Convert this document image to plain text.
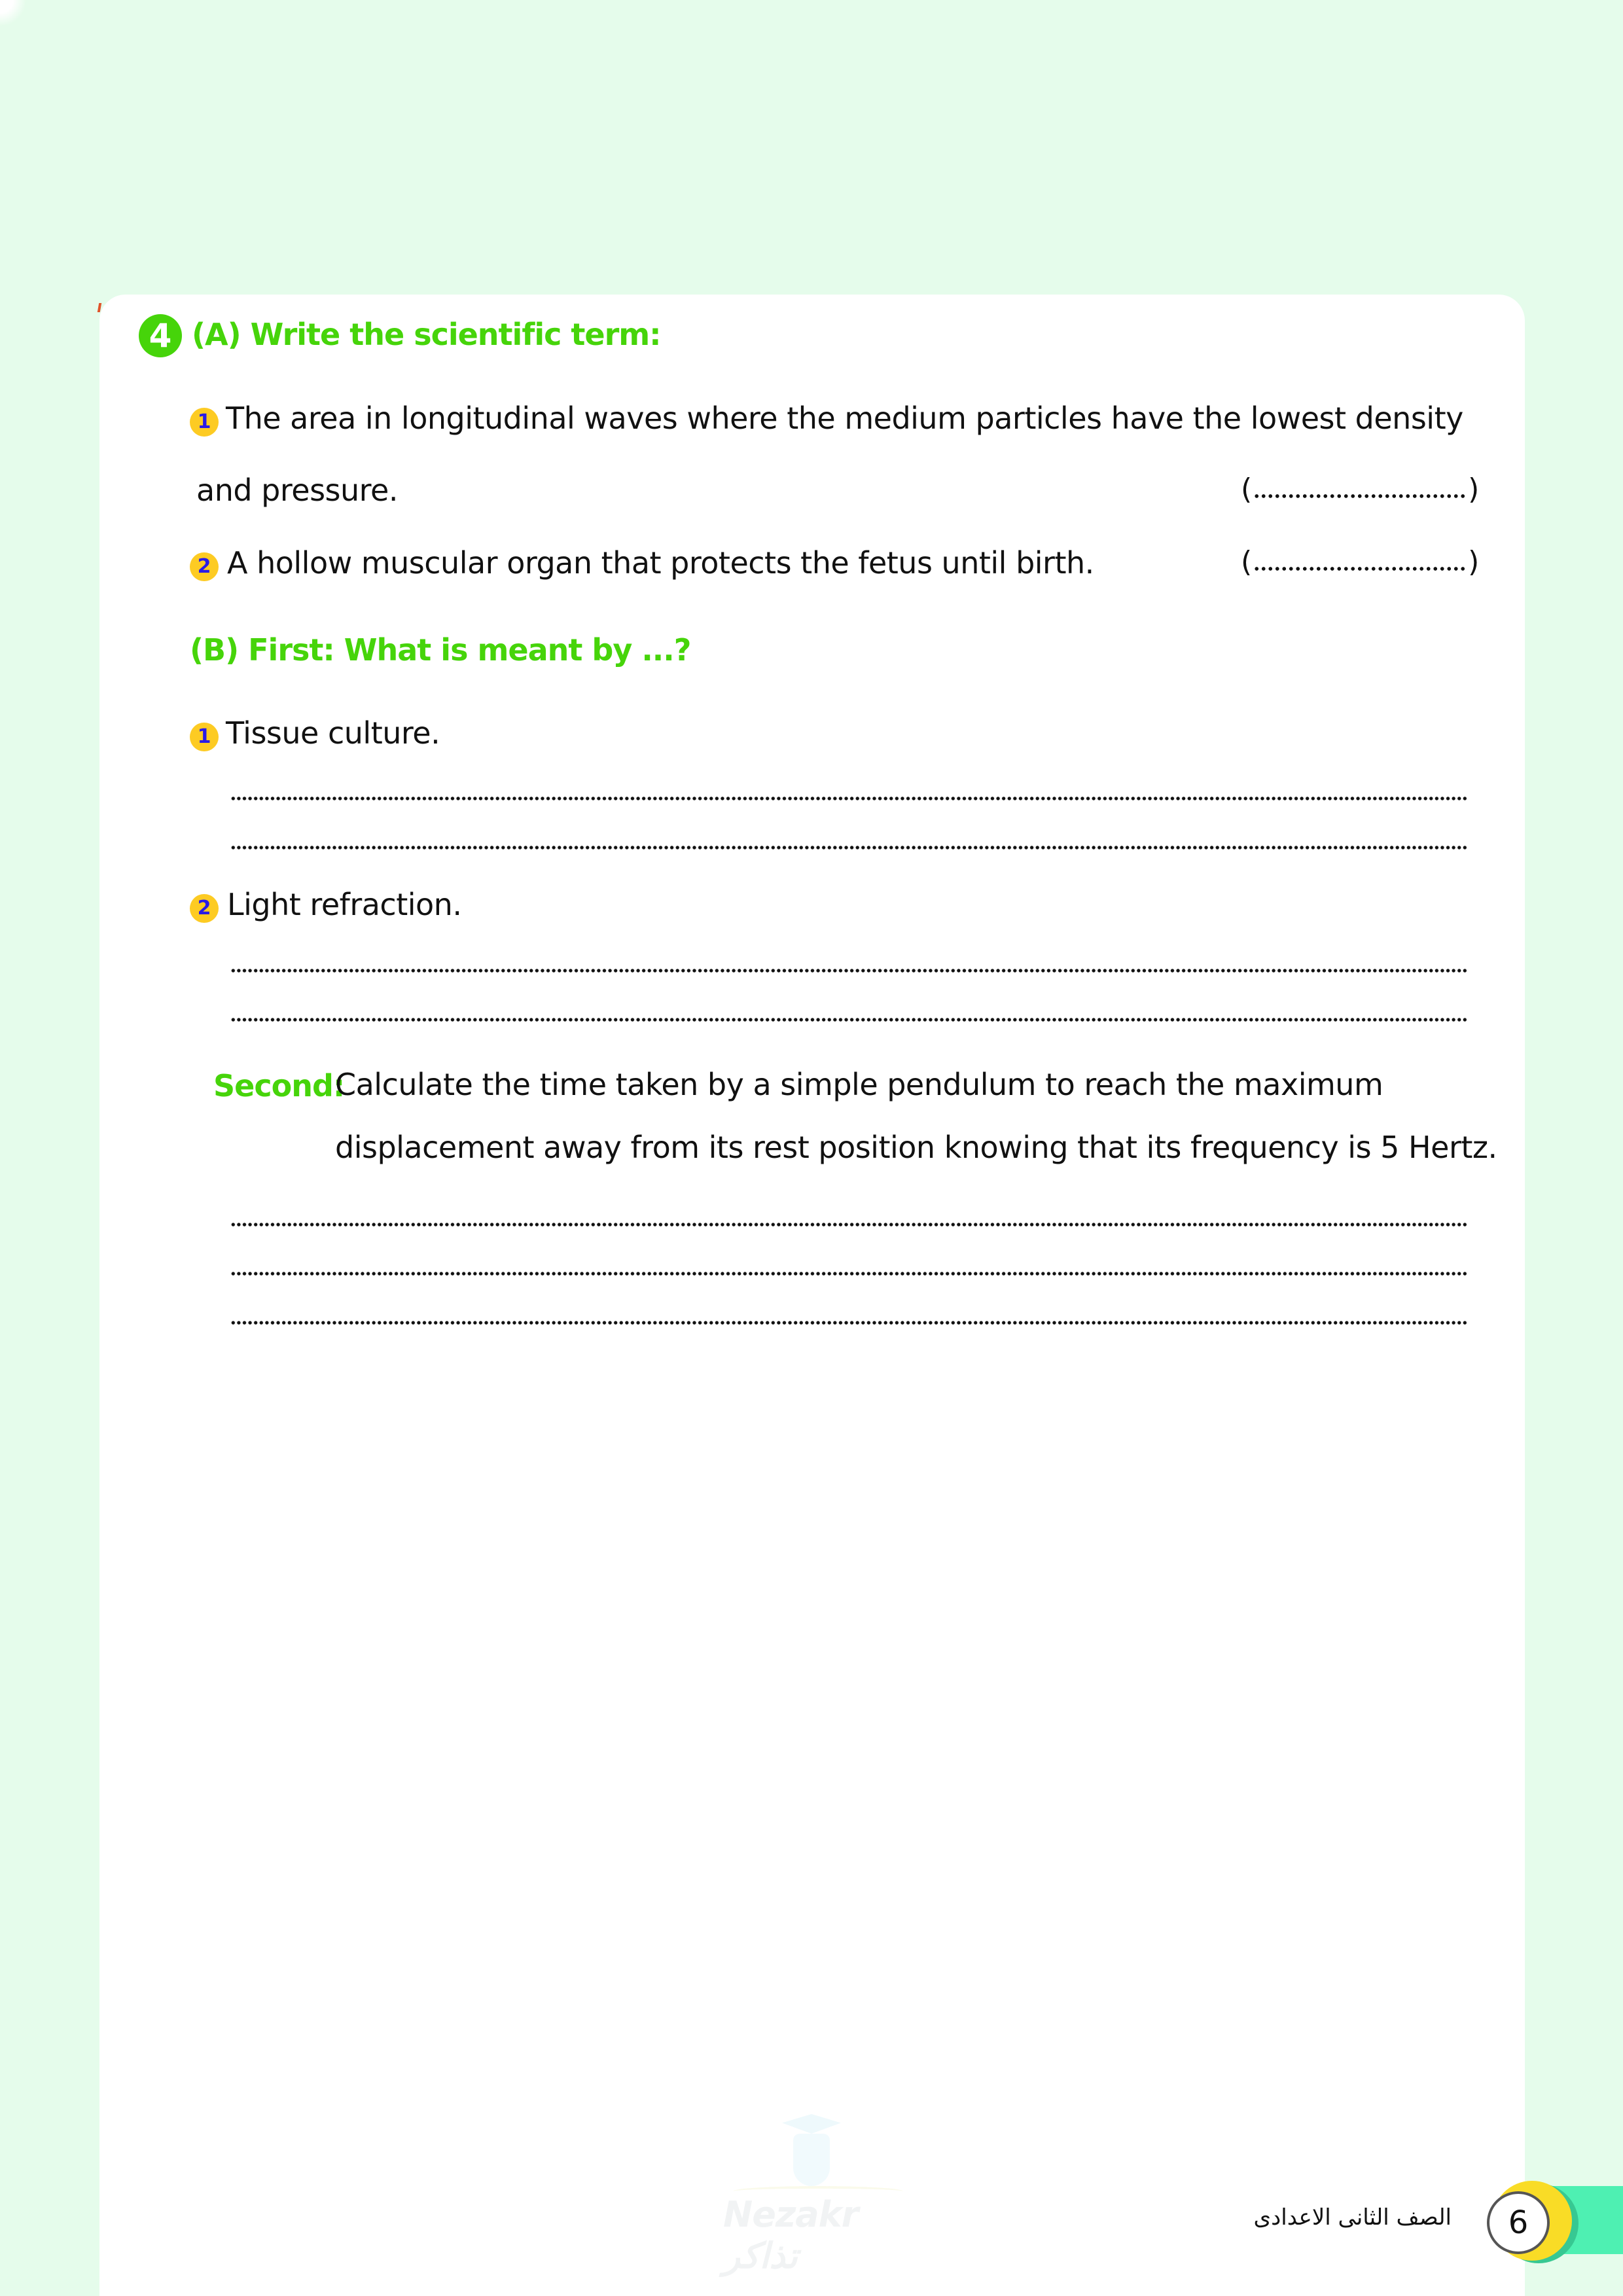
4 (A) Write the scientific term:
1 The area in longitudinal waves where the medium particles have the lowest density
and pressure.	(	)
2 A hollow muscular organ that protects the fetus until birth.	(	)
(B) First: What is meant by ...?
1 Tissue culture.
2 Light refraction.
Second:
Calculate the time taken by a simple pendulum to reach the maximum
displacement away from its rest position knowing that its frequency is 5 Hertz.
Nezakr تذاكر
6
الصف الثانى الاعدادى
